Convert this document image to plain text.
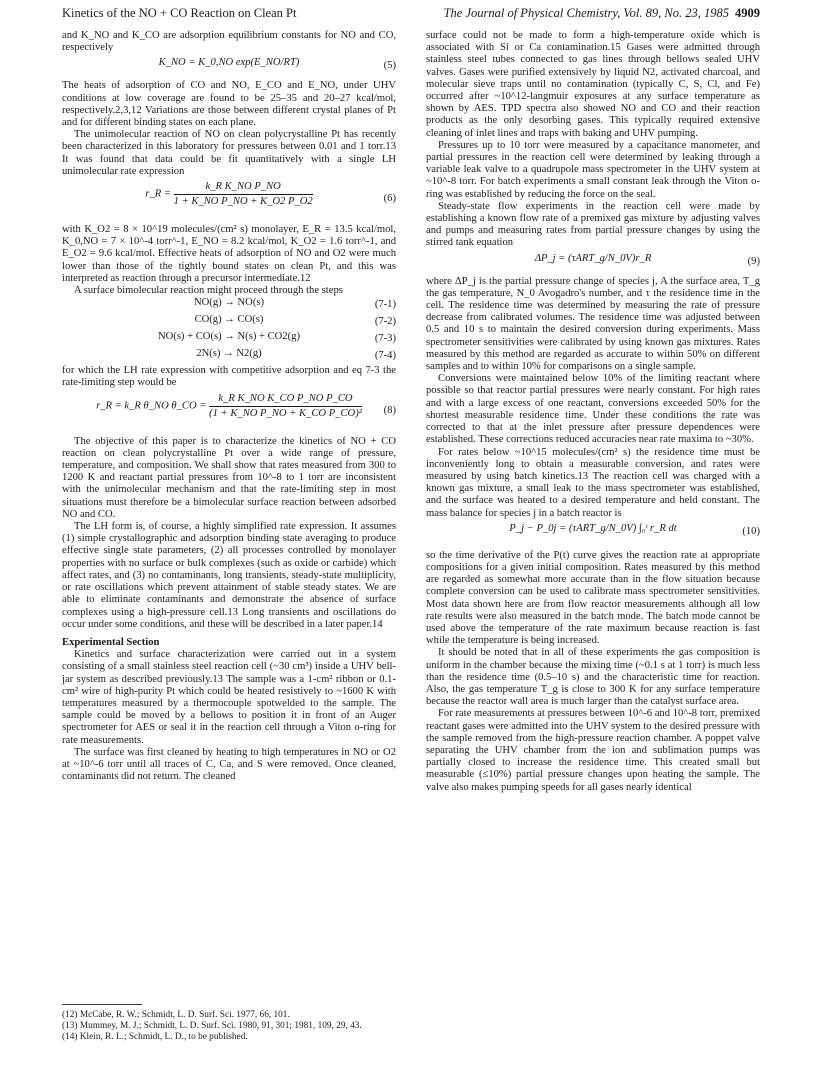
Kinetics of the NO + CO Reaction on Clean Pt	The Journal of Physical Chemistry, Vol. 89, No. 23, 1985 4909

and K_NO and K_CO are adsorption equilibrium constants for NO and CO, respectively

K_NO = K_0,NO exp(E_NO/RT)	(5)

The heats of adsorption of CO and NO, E_CO and E_NO, under UHV conditions at low coverage are found to be 25–35 and 20–27 kcal/mol, respectively.2,3,12 Variations are those between different crystal planes of Pt and for different binding states on each plane.

The unimolecular reaction of NO on clean polycrystalline Pt has recently been characterized in this laboratory for pressures between 0.01 and 1 torr.13 It was found that data could be fit quantitatively with a single LH unimolecular rate expression

r_R = $\frac{\text{k\_R K\_NO P\_NO}}{\text{1 + K\_NO P\_NO + K\_O2 P\_O2}}$	(6)

with K_O2 = 8 × 10^19 molecules/(cm² s) monolayer, E_R = 13.5 kcal/mol, K_0,NO = 7 × 10^-4 torr^-1, E_NO = 8.2 kcal/mol, K_O2 = 1.6 torr^-1, and E_O2 = 9.6 kcal/mol. Effective heats of adsorption of NO and O2 were much lower than those of the tightly bound states on clean Pt, and this was interpreted as reaction through a precursor intermediate.12

A surface bimolecular reaction might proceed through the steps

NO(g) → NO(s)	(7-1)
CO(g) → CO(s)	(7-2)
NO(s) + CO(s) → N(s) + CO2(g)	(7-3)
2N(s) → N2(g)	(7-4)

for which the LH rate expression with competitive adsorption and eq 7-3 the rate-limiting step would be

r_R = k_R θ_NO θ_CO = $\frac{\text{k\_R K\_NO K\_CO P\_NO P\_CO}}{\text{(1 + K\_NO P\_NO + K\_CO P\_CO)²}} (8)$

The objective of this paper is to characterize the kinetics of NO + CO reaction on clean polycrystalline Pt over a wide range of pressure, temperature, and composition. We shall show that rates measured from 300 to 1200 K and reactant partial pressures from 10^-8 to 1 torr are inconsistent with the unimolecular mechanism and that the rate-limiting step in most situations must therefore be a bimolecular surface reaction between adsorbed NO and CO.

The LH form is, of course, a highly simplified rate expression. It assumes (1) simple crystallographic and adsorption binding state averaging to produce effective single state parameters, (2) all processes controlled by monolayer properties with no surface or bulk complexes (such as oxide or carbide) which affect rates, and (3) no contaminants, long transients, steady-state multiplicity, or rate oscillations which prevent attainment of stable steady states. We are able to eliminate contaminants and demonstrate the absence of surface complexes using a high-pressure cell.13 Long transients and oscillations do occur under some conditions, and these will be described in a later paper.14

Experimental Section

Kinetics and surface characterization were carried out in a system consisting of a small stainless steel reaction cell (~30 cm³) inside a UHV bell-jar system as described previously.13 The sample was a 1-cm² ribbon or 0.1-cm² wire of high-purity Pt which could be heated resistively to ~1600 K with temperatures measured by a thermocouple spotwelded to the sample. The sample could be moved by a bellows to position it in front of an Auger spectrometer for AES or seal it in the reaction cell through a Viton o-ring for rate measurements.

The surface was first cleaned by heating to high temperatures in NO or O2 at ~10^-6 torr until all traces of C, Ca, and S were removed. Once cleaned, contaminants did not return. The cleaned

(12) McCabe, R. W.; Schmidt, L. D. Surf. Sci. 1977, 66, 101.

(13) Mummey, M. J.; Schmidt, L. D. Surf. Sci. 1980, 91, 301; 1981, 109, 29, 43.

(14) Klein, R. L.; Schmidt, L. D., to be published.

surface could not be made to form a high-temperature oxide which is associated with Si or Ca contamination.15 Gases were admitted through stainless steel tubes connected to gas lines through bellows sealed UHV valves. Gases were purified extensively by liquid N2, activated charcoal, and molecular sieve traps until no contamination (typically C, S, Cl, and Fe) occurred after ~10^12-langmuir exposures at any surface temperature as shown by AES. TPD spectra also showed NO and CO and their reaction products as the only desorbing gases. This typically required extensive cleaning of inlet lines and traps with baking and UHV pumping.

Pressures up to 10 torr were measured by a capacitance manometer, and partial pressures in the reaction cell were determined by leaking through a variable leak valve to a quadrupole mass spectrometer in the UHV system at ~10^-8 torr. For batch experiments a small constant leak through the Viton o-ring was established by reducing the force on the seal.

Steady-state flow experiments in the reaction cell were made by establishing a known flow rate of a premixed gas mixture by adjusting valves and pumps and measuring rates from partial pressure changes by using the stirred tank equation

ΔP_j = (τART_g/N_0V)r_R	(9)

where ΔP_j is the partial pressure change of species j, A the surface area, T_g the gas temperature, N_0 Avogadro's number, and τ the residence time in the cell. The residence time was determined by measuring the rate of pressure decrease from calibrated volumes. The residence time was adjusted between 0.5 and 10 s to maintain the desired conversion during experiments. Mass spectrometer sensitivities were calibrated by using known gas mixtures. Rates measured by this method are regarded as accurate to within 50% on different samples and to within 10% for comparisons on a single sample.

Conversions were maintained below 10% of the limiting reactant where possible so that reactor partial pressures were nearly constant. For high rates and with a large excess of one reactant, conversions exceeded 50% for the shortest measurable residence time. Under these conditions the rate was corrected to that at the inlet pressure after pressure dependences were established. These corrections reduced accuracies near rate maxima to ~30%.

For rates below ~10^15 molecules/(cm² s) the residence time must be inconveniently long to obtain a measurable conversion, and rates were measured by using batch kinetics.13 The reaction cell was charged with a known gas mixture, a small leak to the mass spectrometer was established, and the surface was heated to a desired temperature and held constant. The mass balance for species j in a batch reactor is

P_j − P_0j = (τART_g/N_0V) ∫₀ᵗ r_R dt	(10)

so the time derivative of the P(t) curve gives the reaction rate at appropriate compositions for a given initial composition. Rates measured by this method are regarded as somewhat more accurate than in the flow situation because complete conversion can be used to calibrate mass spectrometer sensitivities. Most data shown here are from flow reactor measurements although all low rate results were also measured in the batch mode. The batch mode cannot be used above the temperature of the rate maximum because reaction is fast while the temperature is being increased.

It should be noted that in all of these experiments the gas composition is uniform in the chamber because the mixing time (~0.1 s at 1 torr) is much less than the residence time (0.5–10 s) and the characteristic time for reaction. Also, the gas temperature T_g is close to 300 K for any surface temperature because the reactor wall area is much larger than the catalyst surface area.

For rate measurements at pressures between 10^-6 and 10^-8 torr, premixed reactant gases were admitted into the UHV system to the desired pressure with the sample removed from the high-pressure reaction chamber. A poppet valve separating the UHV chamber from the ion and sublimation pumps was partially closed to increase the residence time. This created small but measurable (≤10%) partial pressure changes upon heating the sample. The valve also makes pumping speeds for all gases nearly identical
